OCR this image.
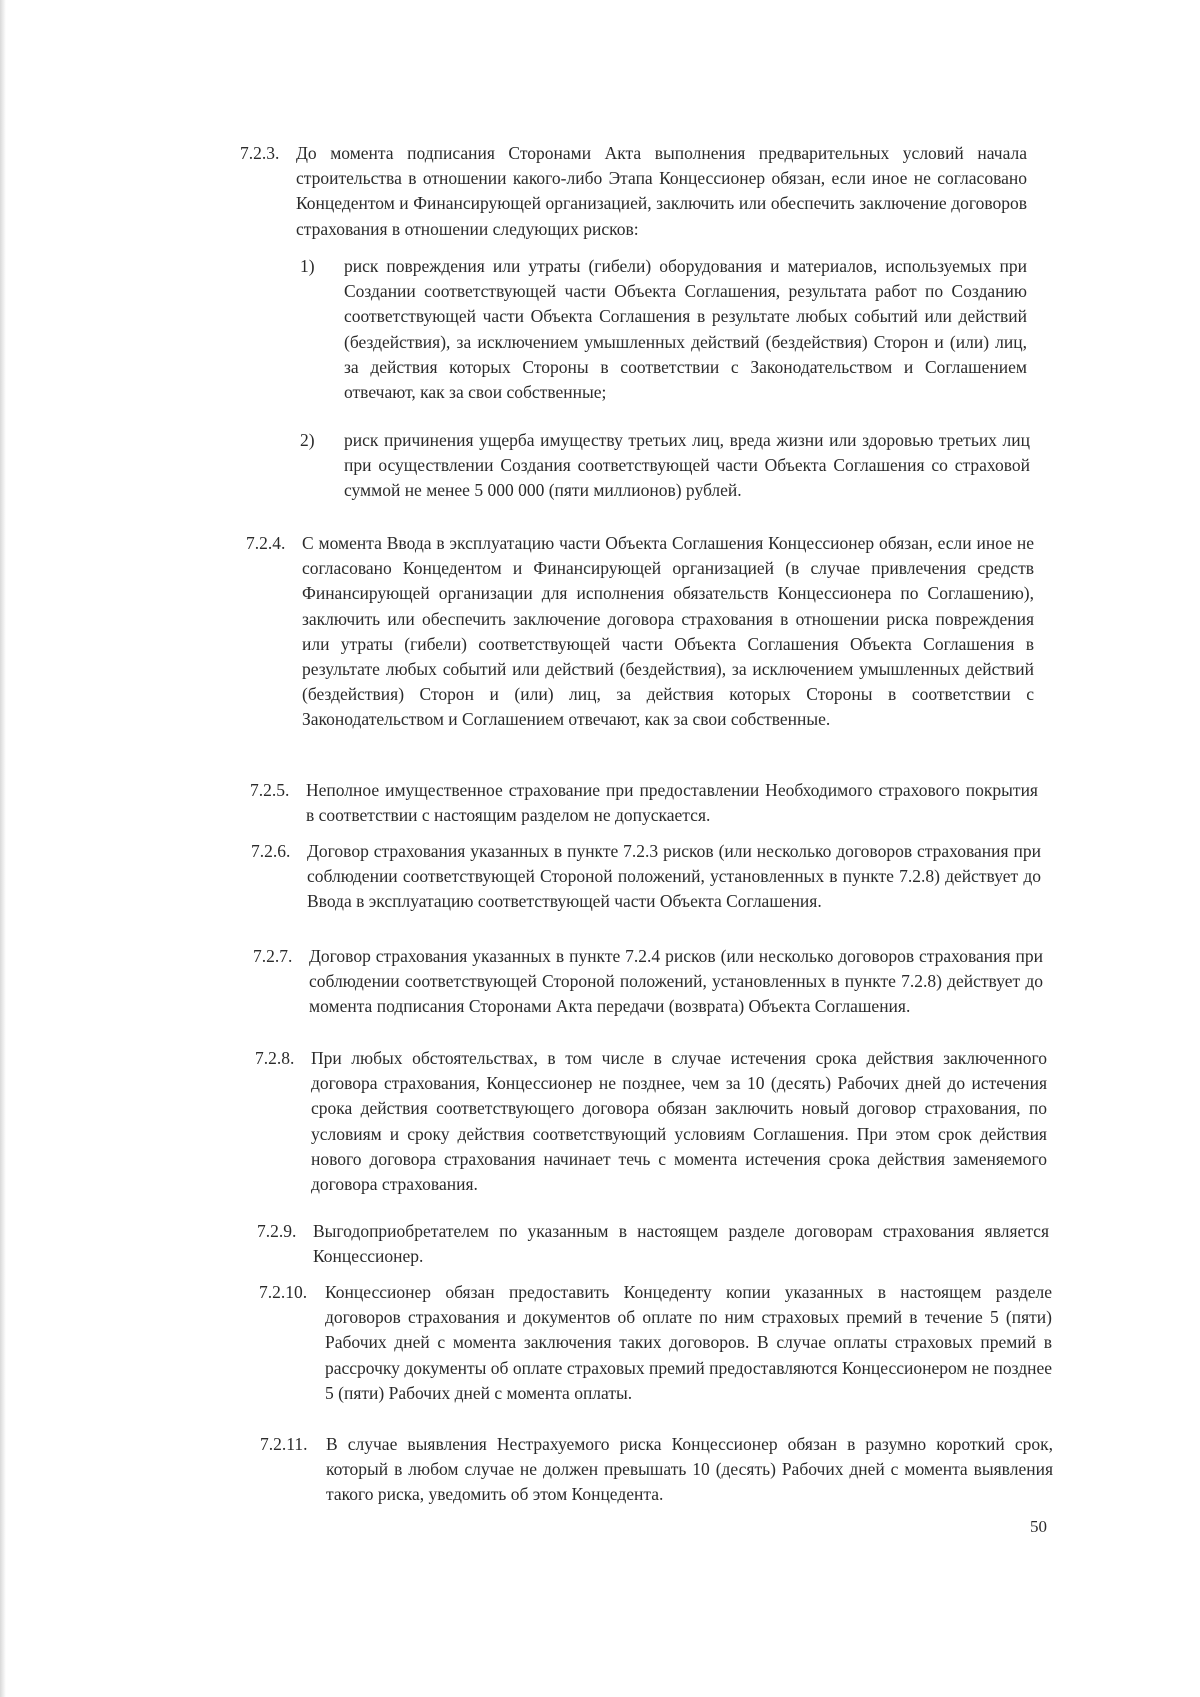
7.2.3. До момента подписания Сторонами Акта выполнения предварительных условий начала строительства в отношении какого-либо Этапа Концессионер обязан, если иное не согласовано Концедентом и Финансирующей организацией, заключить или обеспечить заключение договоров страхования в отношении следующих рисков:
1) риск повреждения или утраты (гибели) оборудования и материалов, используемых при Создании соответствующей части Объекта Соглашения, результата работ по Созданию соответствующей части Объекта Соглашения в результате любых событий или действий (бездействия), за исключением умышленных действий (бездействия) Сторон и (или) лиц, за действия которых Стороны в соответствии с Законодательством и Соглашением отвечают, как за свои собственные;
2) риск причинения ущерба имуществу третьих лиц, вреда жизни или здоровью третьих лиц при осуществлении Создания соответствующей части Объекта Соглашения со страховой суммой не менее 5 000 000 (пяти миллионов) рублей.
7.2.4. С момента Ввода в эксплуатацию части Объекта Соглашения Концессионер обязан, если иное не согласовано Концедентом и Финансирующей организацией (в случае привлечения средств Финансирующей организации для исполнения обязательств Концессионера по Соглашению), заключить или обеспечить заключение договора страхования в отношении риска повреждения или утраты (гибели) соответствующей части Объекта Соглашения Объекта Соглашения в результате любых событий или действий (бездействия), за исключением умышленных действий (бездействия) Сторон и (или) лиц, за действия которых Стороны в соответствии с Законодательством и Соглашением отвечают, как за свои собственные.
7.2.5. Неполное имущественное страхование при предоставлении Необходимого страхового покрытия в соответствии с настоящим разделом не допускается.
7.2.6. Договор страхования указанных в пункте 7.2.3 рисков (или несколько договоров страхования при соблюдении соответствующей Стороной положений, установленных в пункте 7.2.8) действует до Ввода в эксплуатацию соответствующей части Объекта Соглашения.
7.2.7. Договор страхования указанных в пункте 7.2.4 рисков (или несколько договоров страхования при соблюдении соответствующей Стороной положений, установленных в пункте 7.2.8) действует до момента подписания Сторонами Акта передачи (возврата) Объекта Соглашения.
7.2.8. При любых обстоятельствах, в том числе в случае истечения срока действия заключенного договора страхования, Концессионер не позднее, чем за 10 (десять) Рабочих дней до истечения срока действия соответствующего договора обязан заключить новый договор страхования, по условиям и сроку действия соответствующий условиям Соглашения. При этом срок действия нового договора страхования начинает течь с момента истечения срока действия заменяемого договора страхования.
7.2.9. Выгодоприобретателем по указанным в настоящем разделе договорам страхования является Концессионер.
7.2.10. Концессионер обязан предоставить Концеденту копии указанных в настоящем разделе договоров страхования и документов об оплате по ним страховых премий в течение 5 (пяти) Рабочих дней с момента заключения таких договоров. В случае оплаты страховых премий в рассрочку документы об оплате страховых премий предоставляются Концессионером не позднее 5 (пяти) Рабочих дней с момента оплаты.
7.2.11. В случае выявления Нестрахуемого риска Концессионер обязан в разумно короткий срок, который в любом случае не должен превышать 10 (десять) Рабочих дней с момента выявления такого риска, уведомить об этом Концедента.
50
